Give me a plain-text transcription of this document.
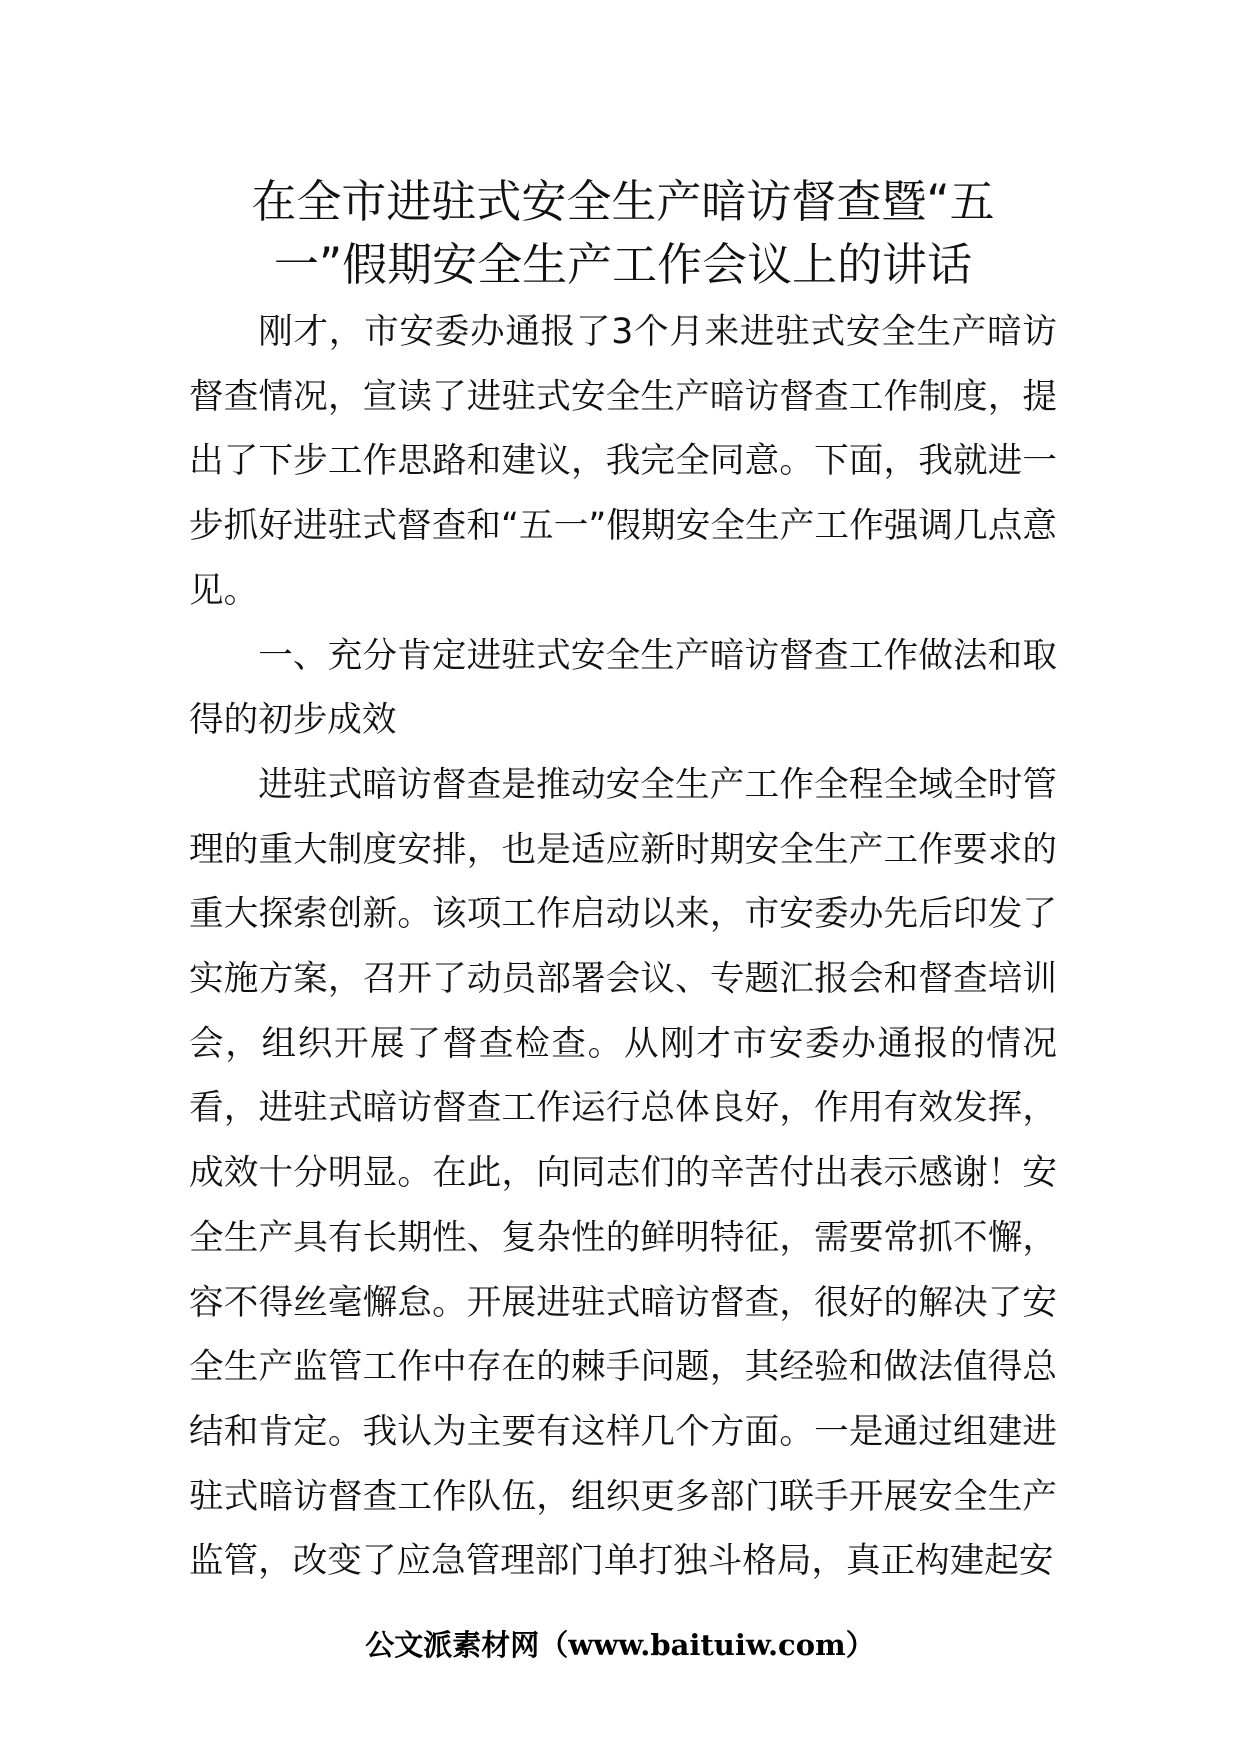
在全市进驻式安全生产暗访督查暨“五一”假期安全生产工作会议上的讲话

刚才，市安委办通报了3个月来进驻式安全生产暗访督查情况，宣读了进驻式安全生产暗访督查工作制度，提出了下步工作思路和建议，我完全同意。下面，我就进一步抓好进驻式督查和“五一”假期安全生产工作强调几点意见。

一、充分肯定进驻式安全生产暗访督查工作做法和取得的初步成效

进驻式暗访督查是推动安全生产工作全程全域全时管理的重大制度安排，也是适应新时期安全生产工作要求的重大探索创新。该项工作启动以来，市安委办先后印发了实施方案，召开了动员部署会议、专题汇报会和督查培训会，组织开展了督查检查。从刚才市安委办通报的情况看，进驻式暗访督查工作运行总体良好，作用有效发挥，成效十分明显。在此，向同志们的辛苦付出表示感谢！安全生产具有长期性、复杂性的鲜明特征，需要常抓不懈，容不得丝毫懈怠。开展进驻式暗访督查，很好的解决了安全生产监管工作中存在的棘手问题，其经验和做法值得总结和肯定。我认为主要有这样几个方面。一是通过组建进驻式暗访督查工作队伍，组织更多部门联手开展安全生产监管，改变了应急管理部门单打独斗格局，真正构建起安

公文派素材网（www.baituiw.com）
